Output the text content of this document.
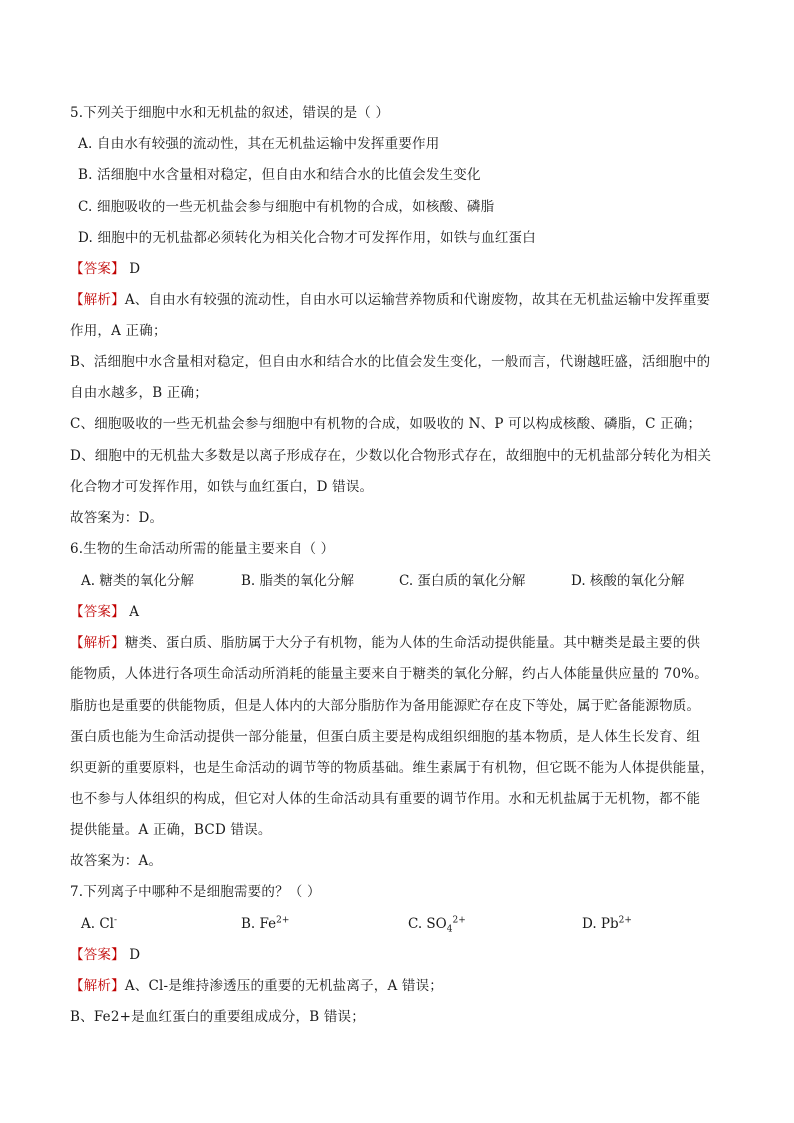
5.下列关于细胞中水和无机盐的叙述，错误的是（ ）
A. 自由水有较强的流动性，其在无机盐运输中发挥重要作用
B. 活细胞中水含量相对稳定，但自由水和结合水的比值会发生变化
C. 细胞吸收的一些无机盐会参与细胞中有机物的合成，如核酸、磷脂
D. 细胞中的无机盐都必须转化为相关化合物才可发挥作用，如铁与血红蛋白
【答案】 D
【解析】A、自由水有较强的流动性，自由水可以运输营养物质和代谢废物，故其在无机盐运输中发挥重要
作用，A 正确；
B、活细胞中水含量相对稳定，但自由水和结合水的比值会发生变化，一般而言，代谢越旺盛，活细胞中的
自由水越多，B 正确；
C、细胞吸收的一些无机盐会参与细胞中有机物的合成，如吸收的 N、P 可以构成核酸、磷脂，C 正确；
D、细胞中的无机盐大多数是以离子形成存在，少数以化合物形式存在，故细胞中的无机盐部分转化为相关
化合物才可发挥作用，如铁与血红蛋白，D 错误。
故答案为：D。
6.生物的生命活动所需的能量主要来自（ ）
A. 糖类的氧化分解	B. 脂类的氧化分解	C. 蛋白质的氧化分解	D. 核酸的氧化分解
【答案】 A
【解析】糖类、蛋白质、脂肪属于大分子有机物，能为人体的生命活动提供能量。其中糖类是最主要的供
能物质，人体进行各项生命活动所消耗的能量主要来自于糖类的氧化分解，约占人体能量供应量的 70%。
脂肪也是重要的供能物质，但是人体内的大部分脂肪作为备用能源贮存在皮下等处，属于贮备能源物质。
蛋白质也能为生命活动提供一部分能量，但蛋白质主要是构成组织细胞的基本物质，是人体生长发育、组
织更新的重要原料，也是生命活动的调节等的物质基础。维生素属于有机物，但它既不能为人体提供能量，
也不参与人体组织的构成，但它对人体的生命活动具有重要的调节作用。水和无机盐属于无机物，都不能
提供能量。A 正确，BCD 错误。
故答案为：A。
7.下列离子中哪种不是细胞需要的？（ ）
A. Cl-	B. $Fe^{2+}$	C. $SO_4^{2+}$	D. $Pb^{2+}$
【答案】 D
【解析】A、Cl-是维持渗透压的重要的无机盐离子，A 错误；
B、Fe2+是血红蛋白的重要组成成分，B 错误；
